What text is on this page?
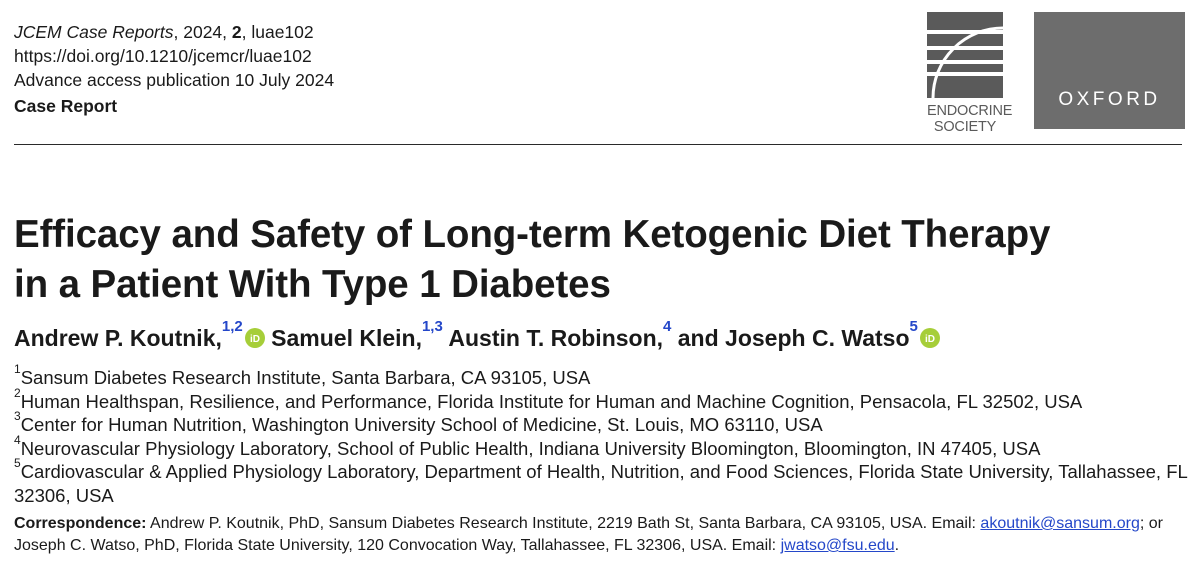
JCEM Case Reports, 2024, 2, luae102
https://doi.org/10.1210/jcemcr/luae102
Advance access publication 10 July 2024
Case Report	ENDOCRINE
SOCIETY
OXFORD
Efficacy and Safety of Long-term Ketogenic Diet Therapy
in a Patient With Type 1 Diabetes
Andrew P. Koutnik,$^{1,2}$
iD Samuel Klein,$^{1,3}$ Austin T. Robinson,$^4$ and Joseph C. Watso$^5$
iD
$^1$Sansum Diabetes Research Institute, Santa Barbara, CA 93105, USA
$^2$Human Healthspan, Resilience, and Performance, Florida Institute for Human and Machine Cognition, Pensacola, FL 32502, USA
$^3$Center for Human Nutrition, Washington University School of Medicine, St. Louis, MO 63110, USA
$^4$Neurovascular Physiology Laboratory, School of Public Health, Indiana University Bloomington, Bloomington, IN 47405, USA
$^5$Cardiovascular & Applied Physiology Laboratory, Department of Health, Nutrition, and Food Sciences, Florida State University, Tallahassee, FL 32306, USA
Correspondence: Andrew P. Koutnik, PhD, Sansum Diabetes Research Institute, 2219 Bath St, Santa Barbara, CA 93105, USA. Email: akoutnik@sansum.org; or Joseph C. Watso, PhD, Florida State University, 120 Convocation Way, Tallahassee, FL 32306, USA. Email: jwatso@fsu.edu.
